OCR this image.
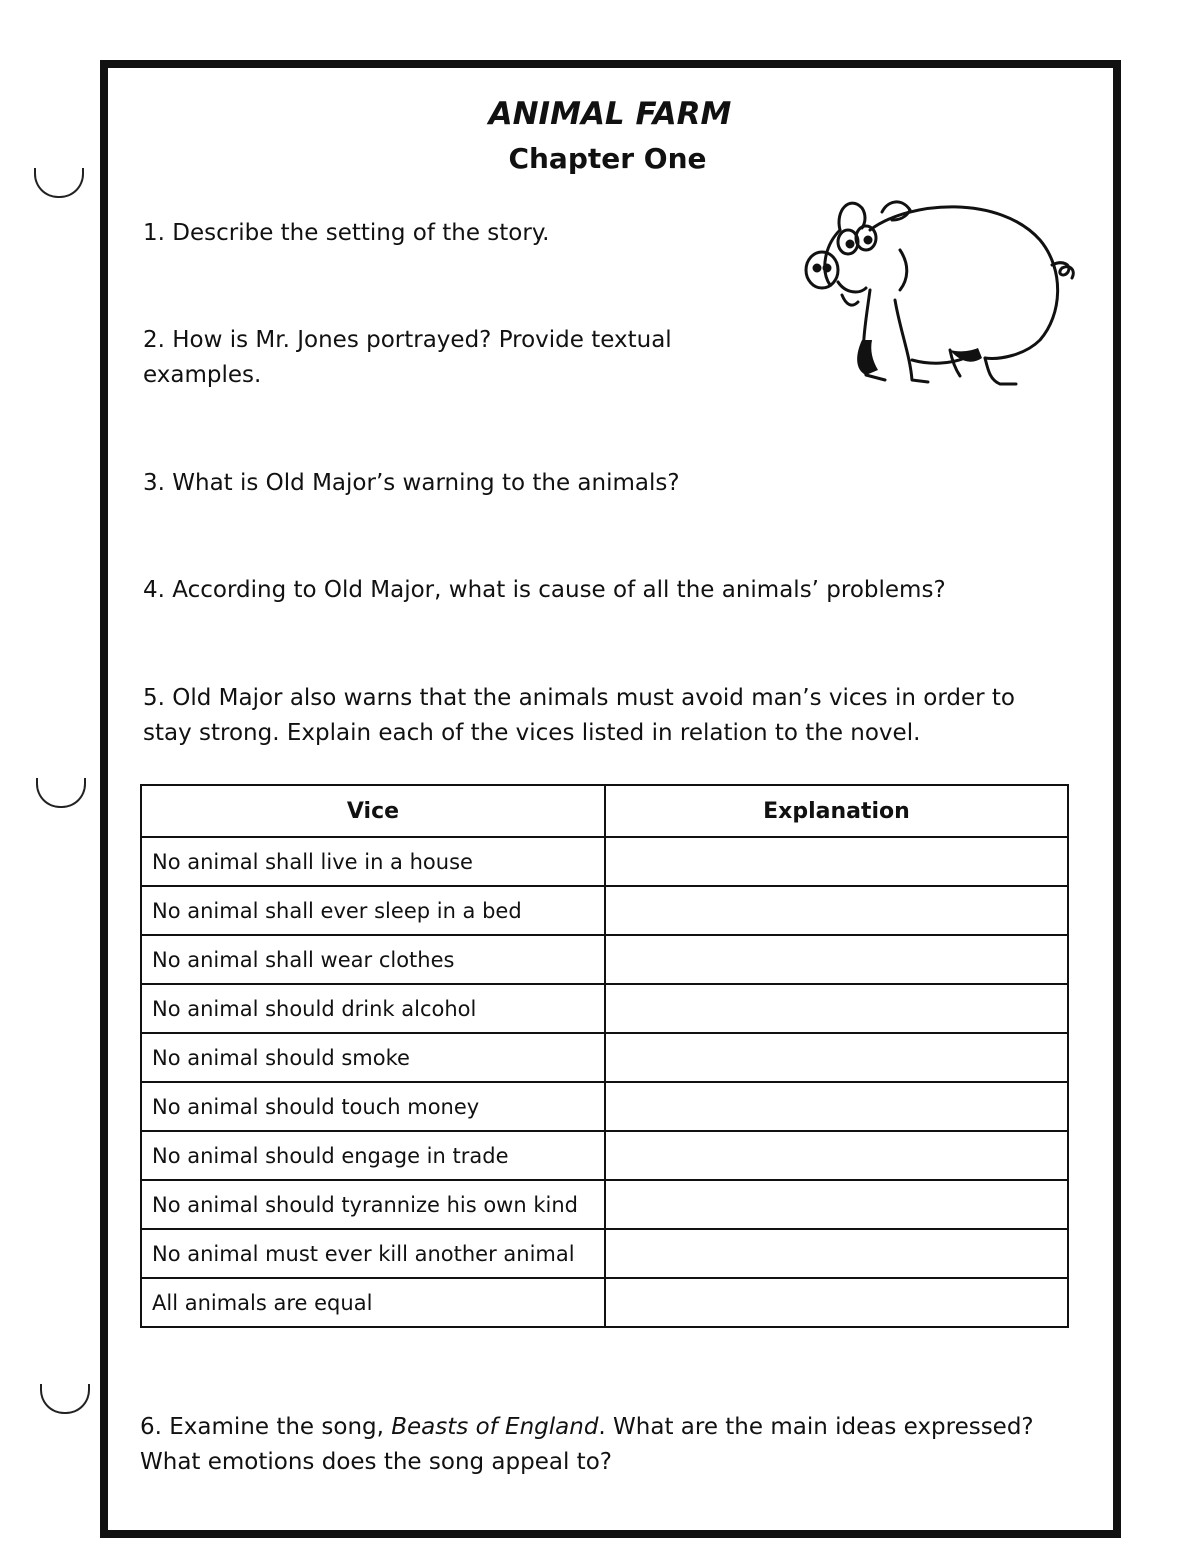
ANIMAL FARM
Chapter One
1. Describe the setting of the story.
2. How is Mr. Jones portrayed? Provide textual examples.
3. What is Old Major’s warning to the animals?
4. According to Old Major, what is cause of all the animals’ problems?
5. Old Major also warns that the animals must avoid man’s vices in order to stay strong. Explain each of the vices listed in relation to the novel.
Vice	Explanation
No animal shall live in a house	
No animal shall ever sleep in a bed	
No animal shall wear clothes	
No animal should drink alcohol	
No animal should smoke	
No animal should touch money	
No animal should engage in trade	
No animal should tyrannize his own kind	
No animal must ever kill another animal	
All animals are equal	
6. Examine the song, Beasts of England. What are the main ideas expressed? What emotions does the song appeal to?
